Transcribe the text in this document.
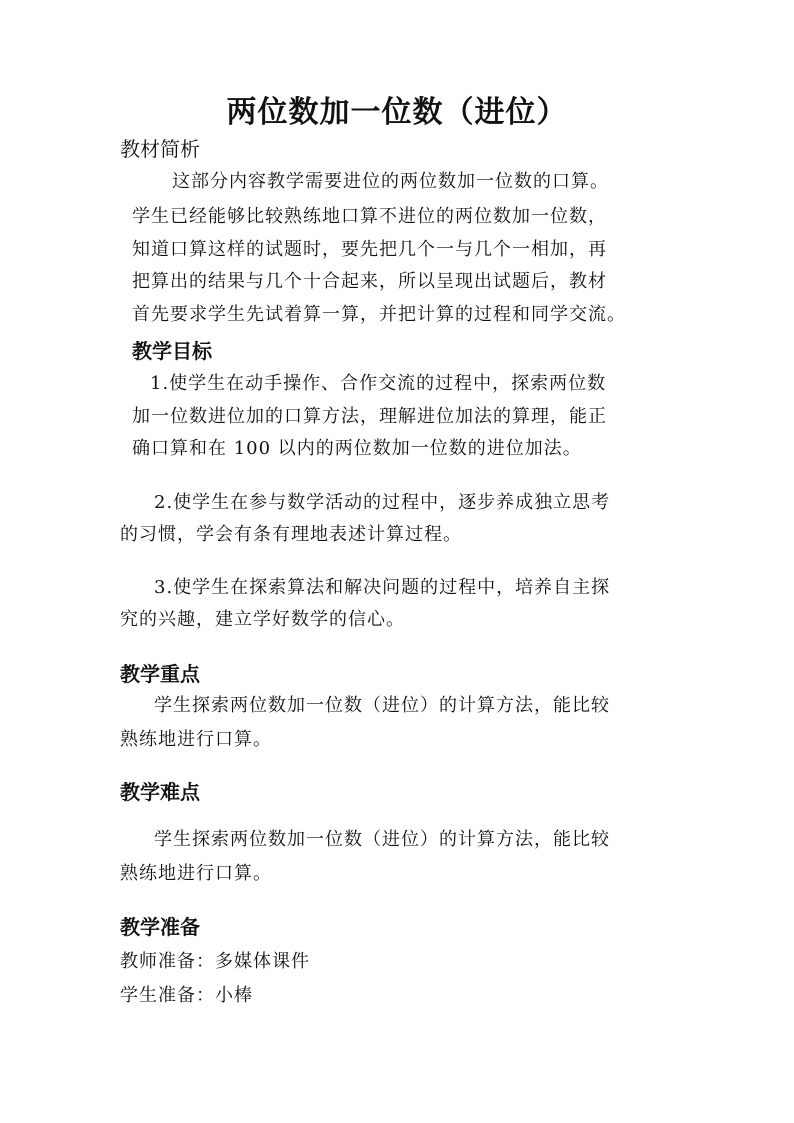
两位数加一位数（进位）
教材简析
这部分内容教学需要进位的两位数加一位数的口算。
学生已经能够比较熟练地口算不进位的两位数加一位数，
知道口算这样的试题时，要先把几个一与几个一相加，再
把算出的结果与几个十合起来，所以呈现出试题后，教材
首先要求学生先试着算一算，并把计算的过程和同学交流。
教学目标
1.使学生在动手操作、合作交流的过程中，探索两位数
加一位数进位加的口算方法，理解进位加法的算理，能正
确口算和在 100 以内的两位数加一位数的进位加法。
2.使学生在参与数学活动的过程中，逐步养成独立思考
的习惯，学会有条有理地表述计算过程。
3.使学生在探索算法和解决问题的过程中，培养自主探
究的兴趣，建立学好数学的信心。
教学重点
学生探索两位数加一位数（进位）的计算方法，能比较
熟练地进行口算。
教学难点
学生探索两位数加一位数（进位）的计算方法，能比较
熟练地进行口算。
教学准备
教师准备：多媒体课件
学生准备：小棒
